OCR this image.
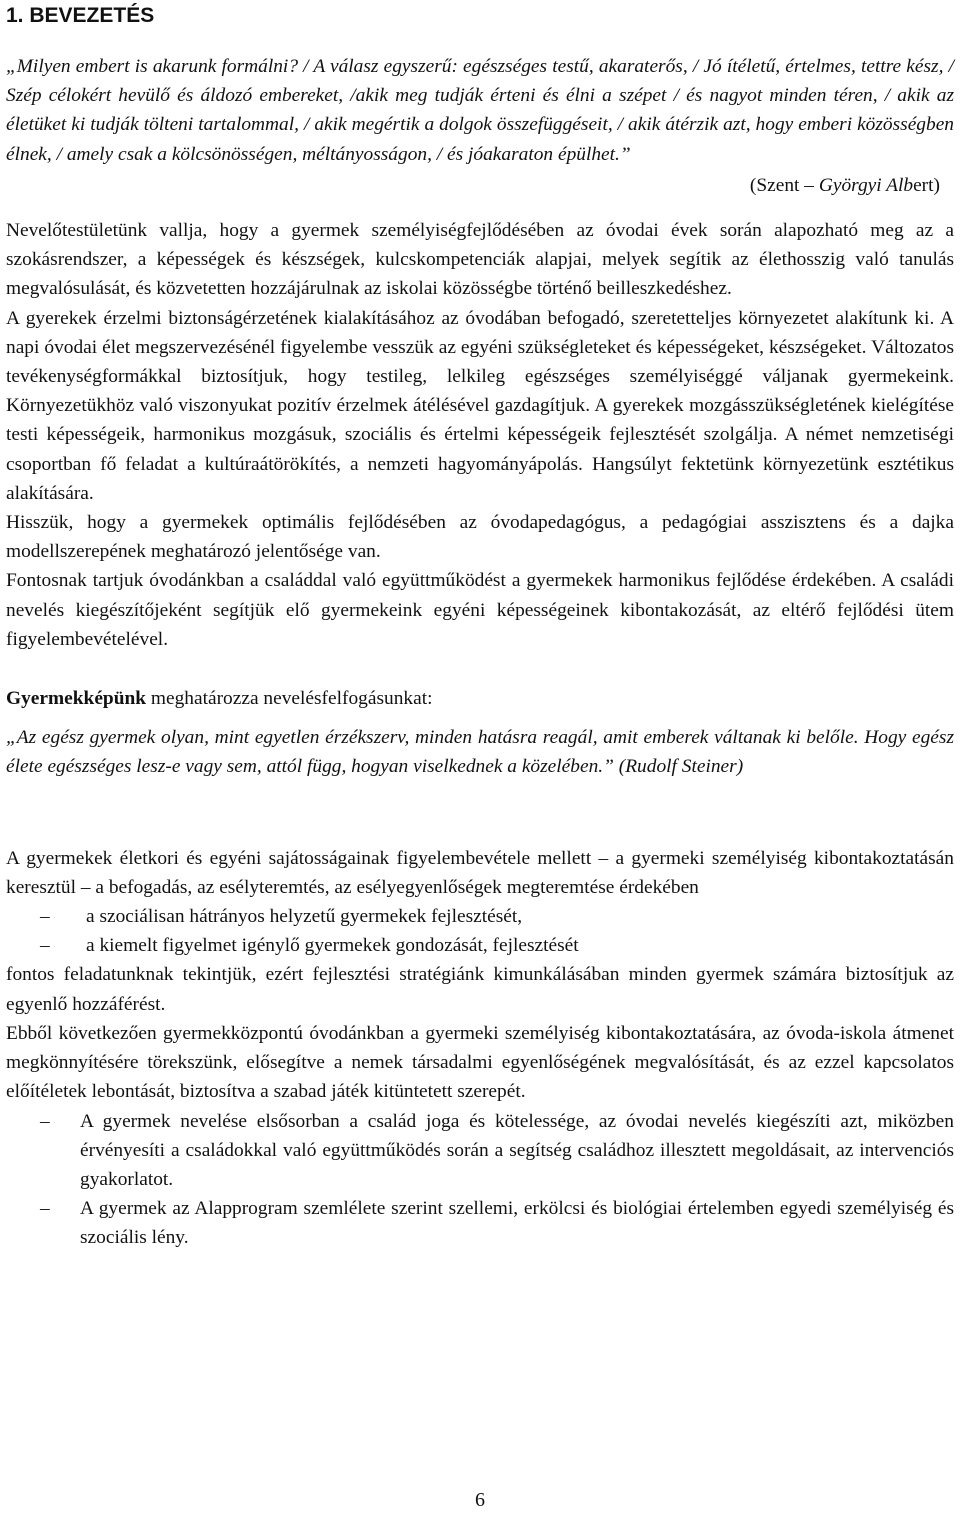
1. BEVEZETÉS

„Milyen embert is akarunk formálni? / A válasz egyszerű: egészséges testű, akaraterős, / Jó ítéletű, értelmes, tettre kész, / Szép célokért hevülő és áldozó embereket, /akik meg tudják érteni és élni a szépet / és nagyot minden téren, / akik az életüket ki tudják tölteni tartalommal, / akik megértik a dolgok összefüggéseit, / akik átérzik azt, hogy emberi közösségben élnek, / amely csak a kölcsönösségen, méltányosságon, / és jóakaraton épülhet.”

(Szent – Györgyi Albert)

Nevelőtestületünk vallja, hogy a gyermek személyiségfejlődésében az óvodai évek során alapozható meg az a szokásrendszer, a képességek és készségek, kulcskompetenciák alapjai, melyek segítik az élethosszig való tanulás megvalósulását, és közvetetten hozzájárulnak az iskolai közösségbe történő beilleszkedéshez.

A gyerekek érzelmi biztonságérzetének kialakításához az óvodában befogadó, szeretetteljes környezetet alakítunk ki. A napi óvodai élet megszervezésénél figyelembe vesszük az egyéni szükségleteket és képességeket, készségeket. Változatos tevékenységformákkal biztosítjuk, hogy testileg, lelkileg egészséges személyiséggé váljanak gyermekeink. Környezetükhöz való viszonyukat pozitív érzelmek átélésével gazdagítjuk. A gyerekek mozgásszükségletének kielégítése testi képességeik, harmonikus mozgásuk, szociális és értelmi képességeik fejlesztését szolgálja. A német nemzetiségi csoportban fő feladat a kultúraátörökítés, a nemzeti hagyományápolás. Hangsúlyt fektetünk környezetünk esztétikus alakítására.

Hisszük, hogy a gyermekek optimális fejlődésében az óvodapedagógus, a pedagógiai asszisztens és a dajka modellszerepének meghatározó jelentősége van.

Fontosnak tartjuk óvodánkban a családdal való együttműködést a gyermekek harmonikus fejlődése érdekében. A családi nevelés kiegészítőjeként segítjük elő gyermekeink egyéni képességeinek kibontakozását, az eltérő fejlődési ütem figyelembevételével.

Gyermekképünk meghatározza nevelésfelfogásunkat:

„Az egész gyermek olyan, mint egyetlen érzékszerv, minden hatásra reagál, amit emberek váltanak ki belőle. Hogy egész élete egészséges lesz-e vagy sem, attól függ, hogyan viselkednek a közelében.” (Rudolf Steiner)

A gyermekek életkori és egyéni sajátosságainak figyelembevétele mellett – a gyermeki személyiség kibontakoztatásán keresztül – a befogadás, az esélyteremtés, az esélyegyenlőségek megteremtése érdekében

– a szociálisan hátrányos helyzetű gyermekek fejlesztését,
– a kiemelt figyelmet igénylő gyermekek gondozását, fejlesztését

fontos feladatunknak tekintjük, ezért fejlesztési stratégiánk kimunkálásában minden gyermek számára biztosítjuk az egyenlő hozzáférést.

Ebből következően gyermekközpontú óvodánkban a gyermeki személyiség kibontakoztatására, az óvoda-iskola átmenet megkönnyítésére törekszünk, elősegítve a nemek társadalmi egyenlőségének megvalósítását, és az ezzel kapcsolatos előítéletek lebontását, biztosítva a szabad játék kitüntetett szerepét.

– A gyermek nevelése elsősorban a család joga és kötelessége, az óvodai nevelés kiegészíti azt, miközben érvényesíti a családokkal való együttműködés során a segítség családhoz illesztett megoldásait, az intervenciós gyakorlatot.
– A gyermek az Alapprogram szemlélete szerint szellemi, erkölcsi és biológiai értelemben egyedi személyiség és szociális lény.
6
